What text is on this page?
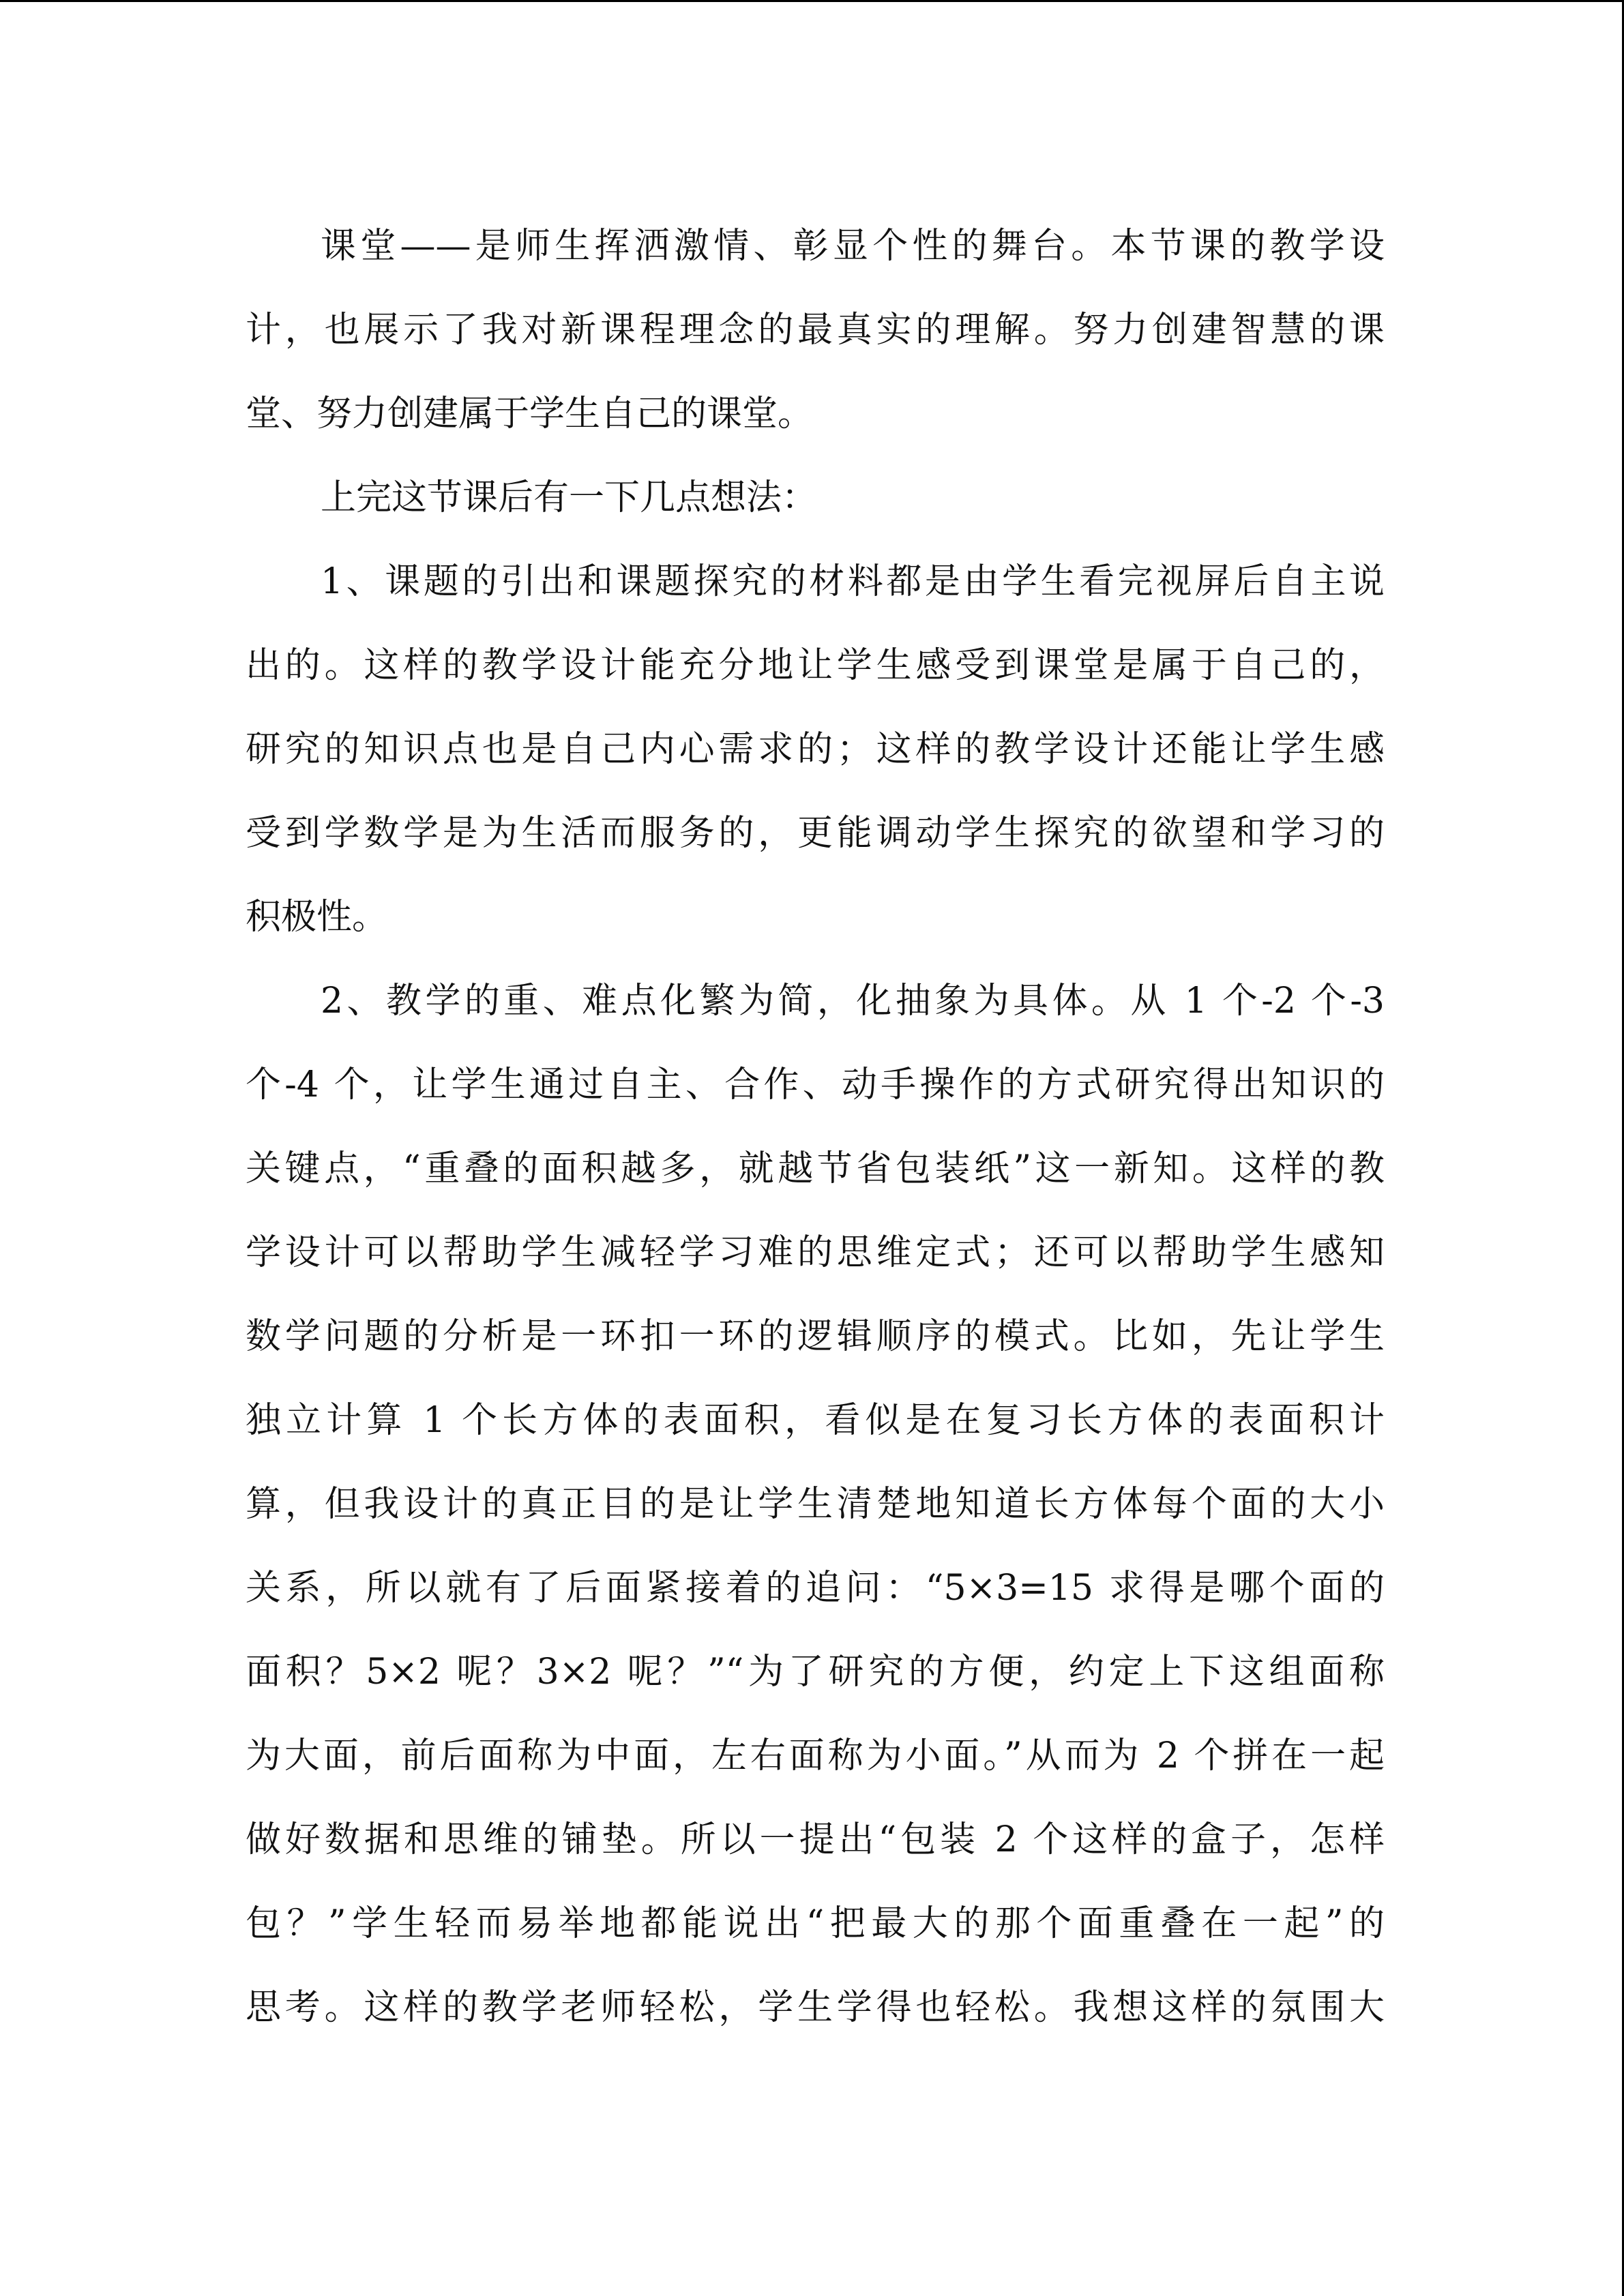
课堂——是师生挥洒激情、彰显个性的舞台。本节课的教学设
计，也展示了我对新课程理念的最真实的理解。努力创建智慧的课
堂、努力创建属于学生自己的课堂。
上完这节课后有一下几点想法：
1、课题的引出和课题探究的材料都是由学生看完视屏后自主说
出的。这样的教学设计能充分地让学生感受到课堂是属于自己的，
研究的知识点也是自己内心需求的；这样的教学设计还能让学生感
受到学数学是为生活而服务的，更能调动学生探究的欲望和学习的
积极性。
2、教学的重、难点化繁为简，化抽象为具体。从 1 个-2 个-3
个-4 个，让学生通过自主、合作、动手操作的方式研究得出知识的
关键点，“重叠的面积越多，就越节省包装纸”这一新知。这样的教
学设计可以帮助学生减轻学习难的思维定式；还可以帮助学生感知
数学问题的分析是一环扣一环的逻辑顺序的模式。比如，先让学生
独立计算 1 个长方体的表面积，看似是在复习长方体的表面积计
算，但我设计的真正目的是让学生清楚地知道长方体每个面的大小
关系，所以就有了后面紧接着的追问：“5×3=15 求得是哪个面的
面积？5×2 呢？3×2 呢？”“为了研究的方便，约定上下这组面称
为大面，前后面称为中面，左右面称为小面。”从而为 2 个拼在一起
做好数据和思维的铺垫。所以一提出“包装 2 个这样的盒子，怎样
包？”学生轻而易举地都能说出“把最大的那个面重叠在一起”的
思考。这样的教学老师轻松，学生学得也轻松。我想这样的氛围大
